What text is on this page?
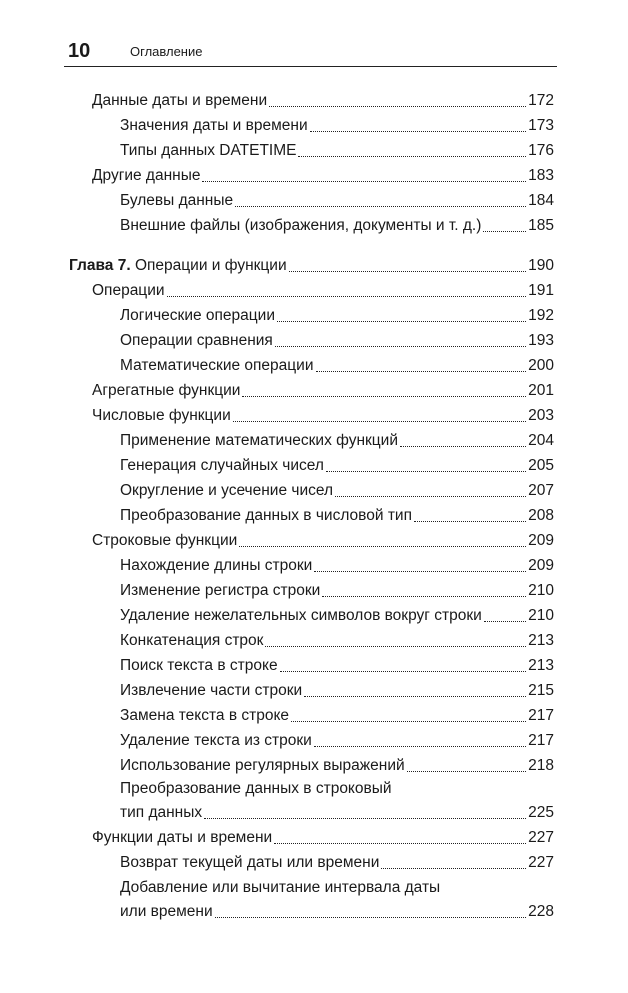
10	Оглавление
Данные даты и времени	172
Значения даты и времени	173
Типы данных DATETIME	176
Другие данные	183
Булевы данные	184
Внешние файлы (изображения, документы и т. д.)	185
Глава 7. Операции и функции	190
Операции	191
Логические операции	192
Операции сравнения	193
Математические операции	200
Агрегатные функции	201
Числовые функции	203
Применение математических функций	204
Генерация случайных чисел	205
Округление и усечение чисел	207
Преобразование данных в числовой тип	208
Строковые функции	209
Нахождение длины строки	209
Изменение регистра строки	210
Удаление нежелательных символов вокруг строки	210
Конкатенация строк	213
Поиск текста в строке	213
Извлечение части строки	215
Замена текста в строке	217
Удаление текста из строки	217
Использование регулярных выражений	218
Преобразование данных в строковый
тип данных	225
Функции даты и времени	227
Возврат текущей даты или времени	227
Добавление или вычитание интервала даты
или времени	228
